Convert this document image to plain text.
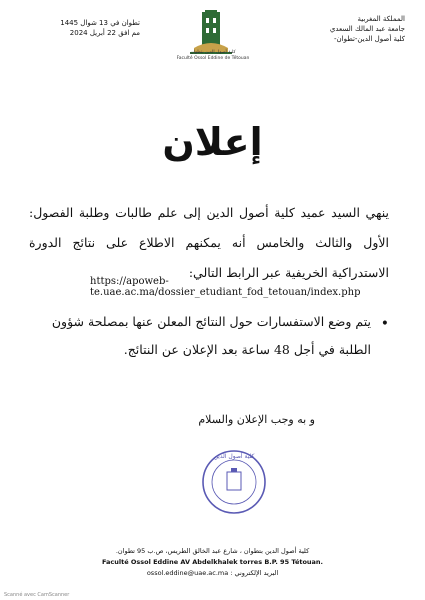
المملكة المغربية
جامعة عبد المالك السعدي
كلية أصول الدين-تطوان-
تطوان في 13 شوال 1445
مم افق 22 أبريل 2024
كلية أصول الدين بتطوان
Faculté Ossol Eddine de Tétouan
إعلان
ينهي السيد عميد كلية أصول الدين إلى علم طالبات وطلبة الفصول: الأول والثالث والخامس أنه يمكنهم الاطلاع على نتائج الدورة الاستدراكية الخريفية عبر الرابط التالي:
https://apoweb-te.uae.ac.ma/dossier_etudiant_fod_tetouan/index.php
•
يتم وضع الاستفسارات حول النتائج المعلن عنها بمصلحة شؤون الطلبة في أجل 48 ساعة بعد الإعلان عن النتائج.
و به وجب الإعلان والسلام
كلية أصول الدين
كلية أصول الدين بتطوان ، شارع عبد الخالق الطريس، ص.ب 95 تطوان.
Faculté Ossol Eddine AV Abdelkhalek torres B.P. 95 Tétouan.
البريد الإلكتروني : ossol.eddine@uae.ac.ma
Scanné avec CamScanner
